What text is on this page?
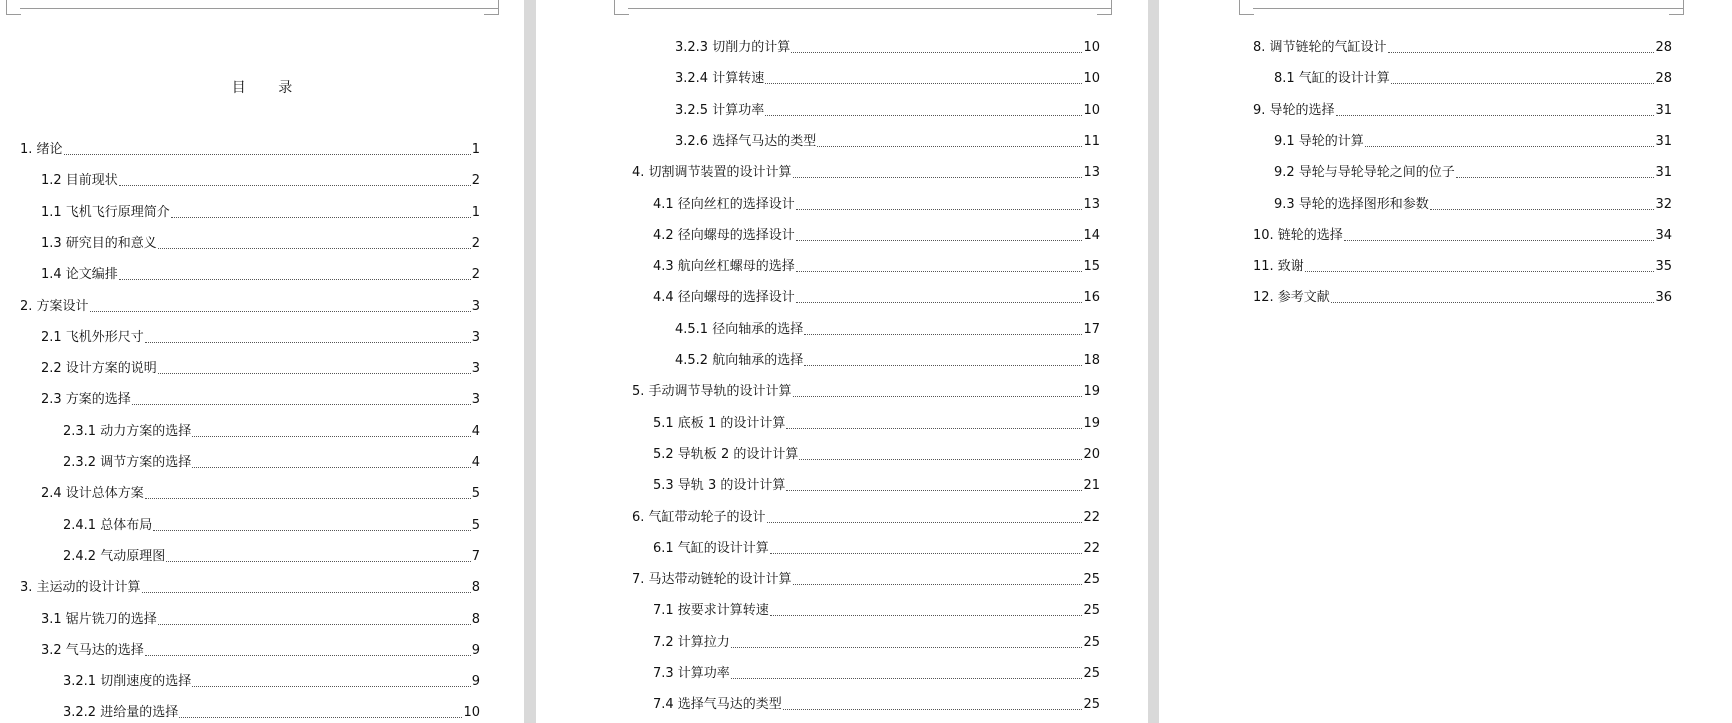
目 录
1. 绪论	1
1.2 目前现状	2
1.1 飞机飞行原理简介	1
1.3 研究目的和意义	2
1.4 论文编排	2
2. 方案设计	3
2.1 飞机外形尺寸	3
2.2 设计方案的说明	3
2.3 方案的选择	3
2.3.1 动力方案的选择	4
2.3.2 调节方案的选择	4
2.4 设计总体方案	5
2.4.1 总体布局	5
2.4.2 气动原理图	7
3. 主运动的设计计算	8
3.1 锯片铣刀的选择	8
3.2 气马达的选择	9
3.2.1 切削速度的选择	9
3.2.2 进给量的选择	10
3.2.3 切削力的计算	10
3.2.4 计算转速	10
3.2.5 计算功率	10
3.2.6 选择气马达的类型	11
4. 切割调节装置的设计计算	13
4.1 径向丝杠的选择设计	13
4.2 径向螺母的选择设计	14
4.3 航向丝杠螺母的选择	15
4.4 径向螺母的选择设计	16
4.5.1 径向轴承的选择	17
4.5.2 航向轴承的选择	18
5. 手动调节导轨的设计计算	19
5.1 底板 1 的设计计算	19
5.2 导轨板 2 的设计计算	20
5.3 导轨 3 的设计计算	21
6. 气缸带动轮子的设计	22
6.1 气缸的设计计算	22
7. 马达带动链轮的设计计算	25
7.1 按要求计算转速	25
7.2 计算拉力	25
7.3 计算功率	25
7.4 选择气马达的类型	25
8. 调节链轮的气缸设计	28
8.1 气缸的设计计算	28
9. 导轮的选择	31
9.1 导轮的计算	31
9.2 导轮与导轮导轮之间的位子	31
9.3 导轮的选择图形和参数	32
10. 链轮的选择	34
11. 致谢	35
12. 参考文献	36
